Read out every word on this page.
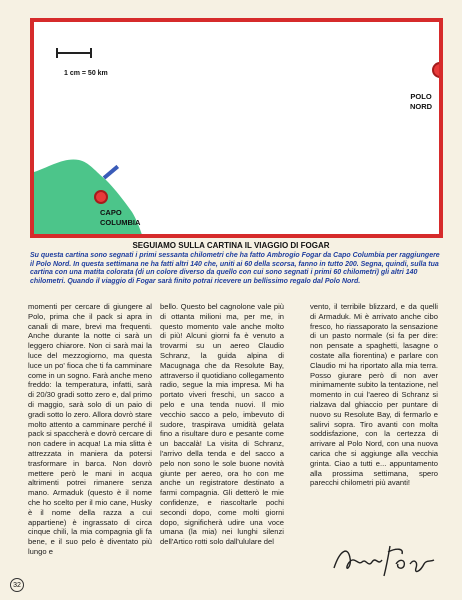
1 cm = 50 km
POLO
NORD
CAPO
COLUMBIA
SEGUIAMO SULLA CARTINA IL VIAGGIO DI FOGAR
Su questa cartina sono segnati i primi sessanta chilometri che ha fatto Ambrogio Fogar da Capo Columbia per raggiungere il Polo Nord. In questa settimana ne ha fatti altri 140 che, uniti ai 60 della scorsa, fanno in tutto 200. Segna, quindi, sulla tua cartina con una matita colorata (di un colore diverso da quello con cui sono segnati i primi 60 chilometri) gli altri 140 chilometri. Quando il viaggio di Fogar sarà finito potrai ricevere un bellissimo regalo dal Polo Nord.
momenti per cercare di giungere al Polo, prima che il pack si apra in canali di mare, brevi ma frequenti. Anche durante la notte ci sarà un leggero chiarore. Non ci sarà mai la luce del mezzogiorno, ma questa luce un po' fioca che ti fa camminare come in un sogno. Farà anche meno freddo: la temperatura, infatti, sarà di 20/30 gradi sotto zero e, dal primo di maggio, sarà solo di un paio di gradi sotto lo zero. Allora dovrò stare molto attento a camminare perché il pack si spaccherà e dovrò cercare di non cadere in acqua! La mia slitta è attrezzata in maniera da potersi trasformare in barca. Non dovrò mettere però le mani in acqua altrimenti potrei rimanere senza mano. Armaduk (questo è il nome che ho scelto per il mio cane, Husky è il nome della razza a cui appartiene) è ingrassato di circa cinque chili, la mia compagnia gli fa bene, e il suo pelo è diventato più lungo e
bello. Questo bel cagnolone vale più di ottanta milioni ma, per me, in questo momento vale anche molto di più! Alcuni giorni fa è venuto a trovarmi su un aereo Claudio Schranz, la guida alpina di Macugnaga che da Resolute Bay, attraverso il quotidiano collegamento radio, segue la mia impresa. Mi ha portato viveri freschi, un sacco a pelo e una tenda nuovi. Il mio vecchio sacco a pelo, imbevuto di sudore, traspirava umidità gelata fino a risultare duro e pesante come un baccalà! La visita di Schranz, l'arrivo della tenda e del sacco a pelo non sono le sole buone novità giunte per aereo, ora ho con me anche un registratore destinato a farmi compagnia. Gli detterò le mie confidenze, e riascoltarle pochi secondi dopo, come molti giorni dopo, significherà udire una voce umana (la mia) nei lunghi silenzi dell'Artico rotti solo dall'ululare del
vento, il terribile blizzard, e da quelli di Armaduk. Mi è arrivato anche cibo fresco, ho riassaporato la sensazione di un pasto normale (si fa per dire: non pensate a spaghetti, lasagne o costate alla fiorentina) e parlare con Claudio mi ha riportato alla mia terra. Posso giurare però di non aver minimamente subito la tentazione, nel momento in cui l'aereo di Schranz si rialzava dal ghiaccio per puntare di nuovo su Resolute Bay, di fermarlo e salirvi sopra. Tiro avanti con molta soddisfazione, con la certezza di arrivare al Polo Nord, con una nuova carica che si aggiunge alla vecchia grinta. Ciao a tutti e... appuntamento alla prossima settimana, spero parecchi chilometri più avanti!
32
